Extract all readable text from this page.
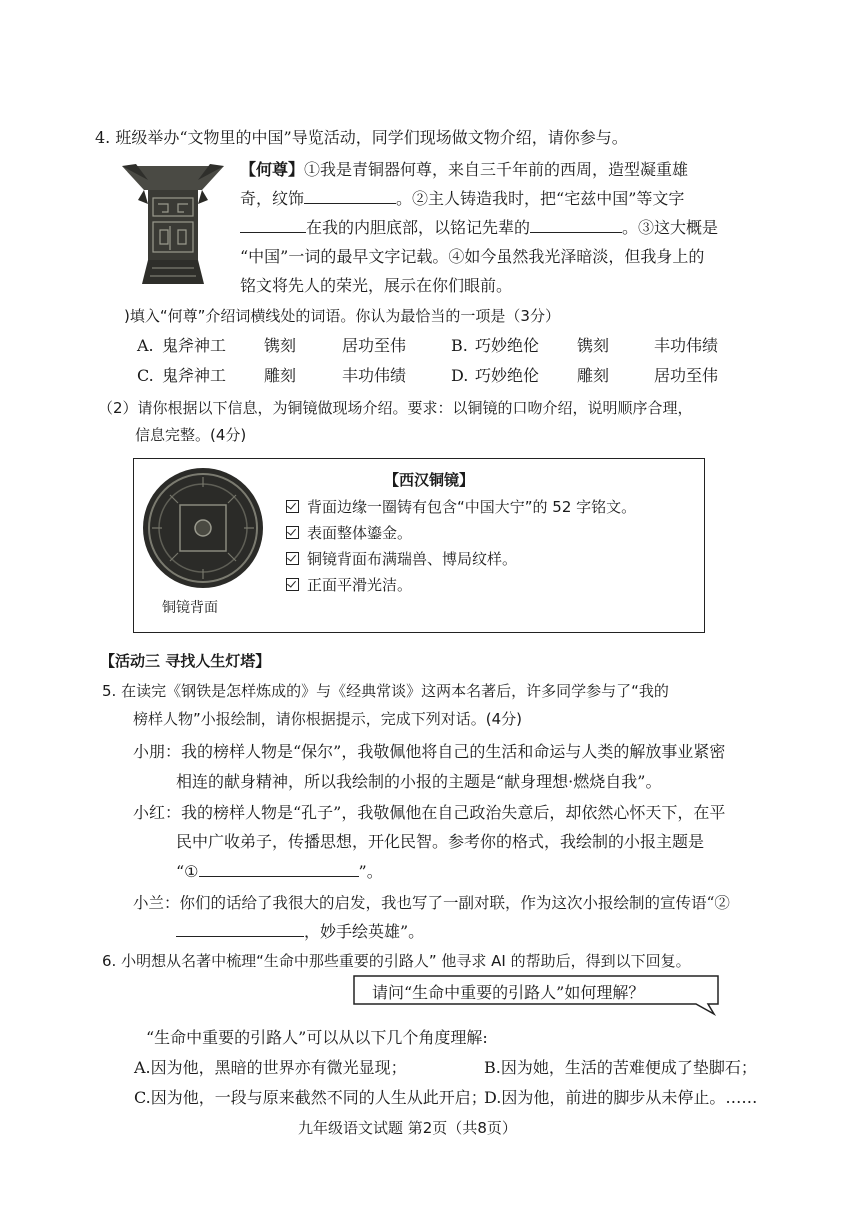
4. 班级举办“文物里的中国”导览活动，同学们现场做文物介绍，请你参与。
【何尊】①我是青铜器何尊，来自三千年前的西周，造型凝重雄
奇，纹饰	。②主人铸造我时，把“宅兹中国”等文字
在我的内胆底部，以铭记先辈的	。③这大概是
“中国”一词的最早文字记载。④如今虽然我光泽暗淡，但我身上的
铭文将先人的荣光，展示在你们眼前。
)填入“何尊”介绍词横线处的词语。你认为最恰当的一项是（3分）
A. 鬼斧神工 镌刻	居功至伟	B. 巧妙绝伦 镌刻	丰功伟绩
C. 鬼斧神工 雕刻	丰功伟绩	D. 巧妙绝伦 雕刻	居功至伟
（2）请你根据以下信息，为铜镜做现场介绍。要求：以铜镜的口吻介绍，说明顺序合理，
信息完整。(4分)
铜镜背面
【西汉铜镜】
背面边缘一圈铸有包含“中国大宁”的 52 字铭文。
表面整体鎏金。
铜镜背面布满瑞兽、博局纹样。
正面平滑光洁。
【活动三 寻找人生灯塔】
5. 在读完《钢铁是怎样炼成的》与《经典常谈》这两本名著后，许多同学参与了“我的
榜样人物”小报绘制，请你根据提示，完成下列对话。(4分)
小朋：我的榜样人物是“保尔”，我敬佩他将自己的生活和命运与人类的解放事业紧密
相连的献身精神，所以我绘制的小报的主题是“献身理想·燃烧自我”。
小红：我的榜样人物是“孔子”，我敬佩他在自己政治失意后，却依然心怀天下，在平
民中广收弟子，传播思想，开化民智。参考你的格式，我绘制的小报主题是
“①	”。
小兰：你们的话给了我很大的启发，我也写了一副对联，作为这次小报绘制的宣传语“②
，妙手绘英雄”。
6. 小明想从名著中梳理“生命中那些重要的引路人” 他寻求 AI 的帮助后，得到以下回复。
请问“生命中重要的引路人”如何理解？
“生命中重要的引路人”可以从以下几个角度理解:
A.因为他，黑暗的世界亦有微光显现；	B.因为她，生活的苦难便成了垫脚石；
C.因为他，一段与原来截然不同的人生从此开启；
D.因为他，前进的脚步从未停止。……
九年级语文试题 第2页（共8页）
